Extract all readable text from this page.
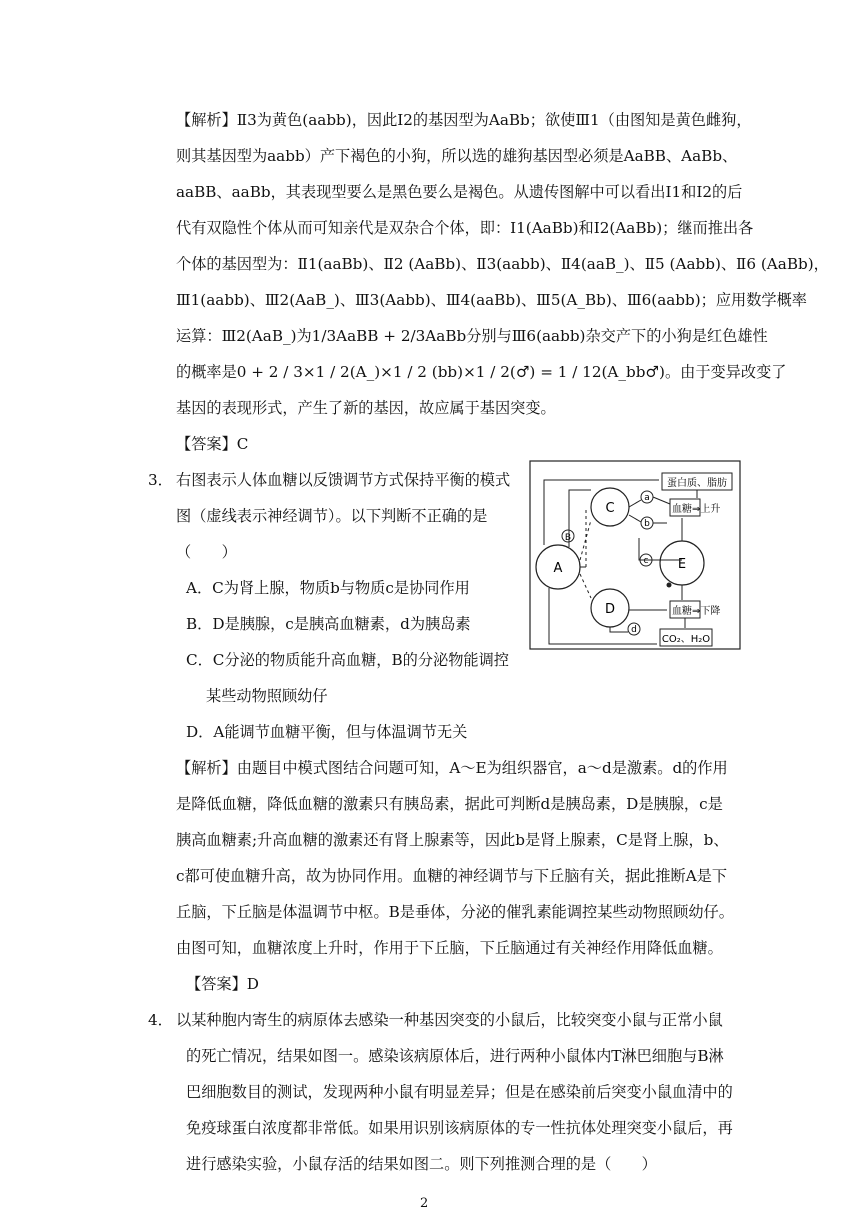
【解析】Ⅱ3为黄色(aabb)，因此I2的基因型为AaBb；欲使Ⅲ1（由图知是黄色雌狗，
则其基因型为aabb）产下褐色的小狗，所以选的雄狗基因型必须是AaBB、AaBb、
aaBB、aaBb，其表现型要么是黑色要么是褐色。从遗传图解中可以看出I1和I2的后
代有双隐性个体从而可知亲代是双杂合个体，即：I1(AaBb)和I2(AaBb)；继而推出各
个体的基因型为：Ⅱ1(aaBb)、Ⅱ2 (AaBb)、Ⅱ3(aabb)、Ⅱ4(aaB_)、Ⅱ5 (Aabb)、Ⅱ6 (AaBb)，
Ⅲ1(aabb)、Ⅲ2(AaB_)、Ⅲ3(Aabb)、Ⅲ4(aaBb)、Ⅲ5(A_Bb)、Ⅲ6(aabb)；应用数学概率
运算：Ⅲ2(AaB_)为1/3AaBB + 2/3AaBb分别与Ⅲ6(aabb)杂交产下的小狗是红色雄性
的概率是0 + 2 / 3×1 / 2(A_)×1 / 2 (bb)×1 / 2(♂) = 1 / 12(A_bb♂)。由于变异改变了
基因的表现形式，产生了新的基因，故应属于基因突变。
【答案】C
3． 右图表示人体血糖以反馈调节方式保持平衡的模式
图（虚线表示神经调节）。以下判断不正确的是
（　　）
A．C为肾上腺，物质b与物质c是协同作用
B．D是胰腺，c是胰高血糖素，d为胰岛素
C．C分泌的物质能升高血糖，B的分泌物能调控
某些动物照顾幼仔
D．A能调节血糖平衡，但与体温调节无关
A
C
D
E
B
a
b
c
d
蛋白质、脂肪
血糖⇒上升
血糖⇒下降
CO₂、H₂O
【解析】由题目中模式图结合问题可知，A～E为组织器官，a～d是激素。d的作用
是降低血糖，降低血糖的激素只有胰岛素，据此可判断d是胰岛素，D是胰腺，c是
胰高血糖素;升高血糖的激素还有肾上腺素等，因此b是肾上腺素，C是肾上腺，b、
c都可使血糖升高，故为协同作用。血糖的神经调节与下丘脑有关，据此推断A是下
丘脑，下丘脑是体温调节中枢。B是垂体，分泌的催乳素能调控某些动物照顾幼仔。
由图可知，血糖浓度上升时，作用于下丘脑，下丘脑通过有关神经作用降低血糖。
【答案】D
4． 以某种胞内寄生的病原体去感染一种基因突变的小鼠后，比较突变小鼠与正常小鼠
的死亡情况，结果如图一。感染该病原体后，进行两种小鼠体内T淋巴细胞与B淋
巴细胞数目的测试，发现两种小鼠有明显差异；但是在感染前后突变小鼠血清中的
免疫球蛋白浓度都非常低。如果用识别该病原体的专一性抗体处理突变小鼠后，再
进行感染实验，小鼠存活的结果如图二。则下列推测合理的是（　　）
2
